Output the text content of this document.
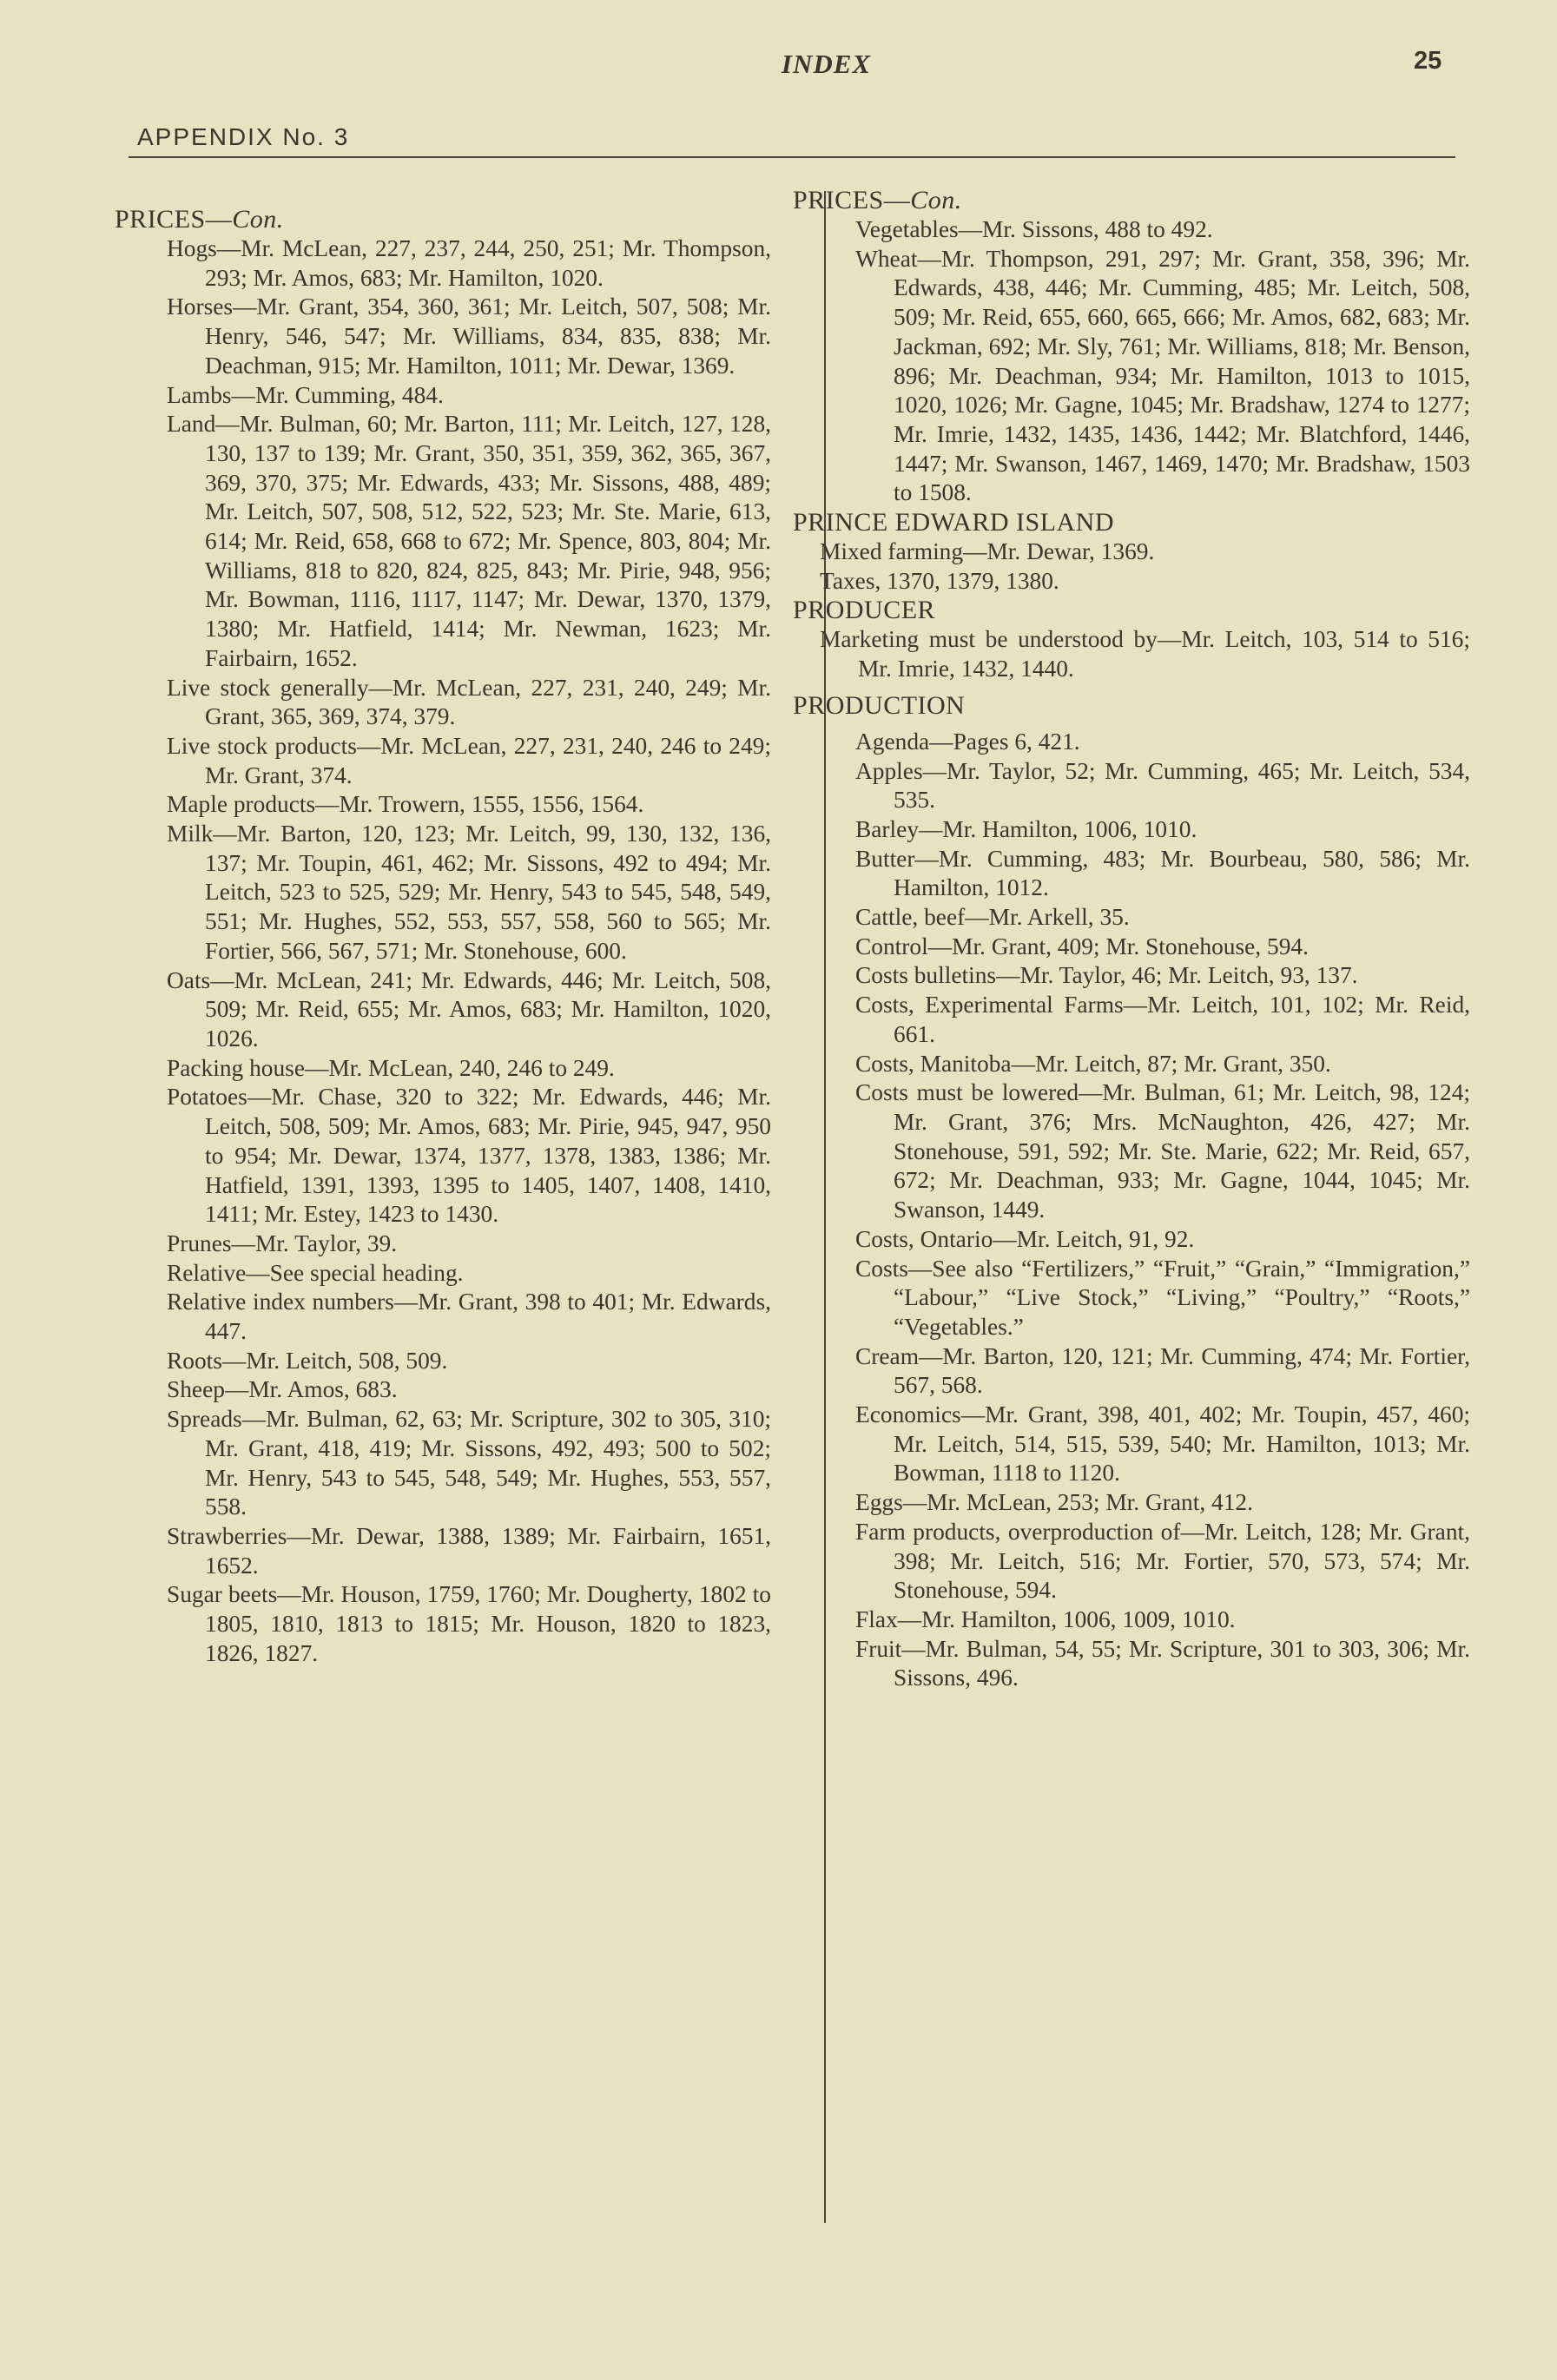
INDEX	25
APPENDIX No. 3
PRICES—Con.
Hogs—Mr. McLean, 227, 237, 244, 250, 251; Mr. Thompson, 293; Mr. Amos, 683; Mr. Hamilton, 1020.
Horses—Mr. Grant, 354, 360, 361; Mr. Leitch, 507, 508; Mr. Henry, 546, 547; Mr. Williams, 834, 835, 838; Mr. Deachman, 915; Mr. Hamilton, 1011; Mr. Dewar, 1369.
Lambs—Mr. Cumming, 484.
Land—Mr. Bulman, 60; Mr. Barton, 111; Mr. Leitch, 127, 128, 130, 137 to 139; Mr. Grant, 350, 351, 359, 362, 365, 367, 369, 370, 375; Mr. Edwards, 433; Mr. Sissons, 488, 489; Mr. Leitch, 507, 508, 512, 522, 523; Mr. Ste. Marie, 613, 614; Mr. Reid, 658, 668 to 672; Mr. Spence, 803, 804; Mr. Williams, 818 to 820, 824, 825, 843; Mr. Pirie, 948, 956; Mr. Bowman, 1116, 1117, 1147; Mr. Dewar, 1370, 1379, 1380; Mr. Hatfield, 1414; Mr. Newman, 1623; Mr. Fairbairn, 1652.
Live stock generally—Mr. McLean, 227, 231, 240, 249; Mr. Grant, 365, 369, 374, 379.
Live stock products—Mr. McLean, 227, 231, 240, 246 to 249; Mr. Grant, 374.
Maple products—Mr. Trowern, 1555, 1556, 1564.
Milk—Mr. Barton, 120, 123; Mr. Leitch, 99, 130, 132, 136, 137; Mr. Toupin, 461, 462; Mr. Sissons, 492 to 494; Mr. Leitch, 523 to 525, 529; Mr. Henry, 543 to 545, 548, 549, 551; Mr. Hughes, 552, 553, 557, 558, 560 to 565; Mr. Fortier, 566, 567, 571; Mr. Stonehouse, 600.
Oats—Mr. McLean, 241; Mr. Edwards, 446; Mr. Leitch, 508, 509; Mr. Reid, 655; Mr. Amos, 683; Mr. Hamilton, 1020, 1026.
Packing house—Mr. McLean, 240, 246 to 249.
Potatoes—Mr. Chase, 320 to 322; Mr. Edwards, 446; Mr. Leitch, 508, 509; Mr. Amos, 683; Mr. Pirie, 945, 947, 950 to 954; Mr. Dewar, 1374, 1377, 1378, 1383, 1386; Mr. Hatfield, 1391, 1393, 1395 to 1405, 1407, 1408, 1410, 1411; Mr. Estey, 1423 to 1430.
Prunes—Mr. Taylor, 39.
Relative—See special heading.
Relative index numbers—Mr. Grant, 398 to 401; Mr. Edwards, 447.
Roots—Mr. Leitch, 508, 509.
Sheep—Mr. Amos, 683.
Spreads—Mr. Bulman, 62, 63; Mr. Scripture, 302 to 305, 310; Mr. Grant, 418, 419; Mr. Sissons, 492, 493; 500 to 502; Mr. Henry, 543 to 545, 548, 549; Mr. Hughes, 553, 557, 558.
Strawberries—Mr. Dewar, 1388, 1389; Mr. Fairbairn, 1651, 1652.
Sugar beets—Mr. Houson, 1759, 1760; Mr. Dougherty, 1802 to 1805, 1810, 1813 to 1815; Mr. Houson, 1820 to 1823, 1826, 1827.
PRICES—Con.
Vegetables—Mr. Sissons, 488 to 492.
Wheat—Mr. Thompson, 291, 297; Mr. Grant, 358, 396; Mr. Edwards, 438, 446; Mr. Cumming, 485; Mr. Leitch, 508, 509; Mr. Reid, 655, 660, 665, 666; Mr. Amos, 682, 683; Mr. Jackman, 692; Mr. Sly, 761; Mr. Williams, 818; Mr. Benson, 896; Mr. Deachman, 934; Mr. Hamilton, 1013 to 1015, 1020, 1026; Mr. Gagne, 1045; Mr. Bradshaw, 1274 to 1277; Mr. Imrie, 1432, 1435, 1436, 1442; Mr. Blatchford, 1446, 1447; Mr. Swanson, 1467, 1469, 1470; Mr. Bradshaw, 1503 to 1508.
PRINCE EDWARD ISLAND
Mixed farming—Mr. Dewar, 1369.
Taxes, 1370, 1379, 1380.
PRODUCER
Marketing must be understood by—Mr. Leitch, 103, 514 to 516; Mr. Imrie, 1432, 1440.
PRODUCTION
Agenda—Pages 6, 421.
Apples—Mr. Taylor, 52; Mr. Cumming, 465; Mr. Leitch, 534, 535.
Barley—Mr. Hamilton, 1006, 1010.
Butter—Mr. Cumming, 483; Mr. Bourbeau, 580, 586; Mr. Hamilton, 1012.
Cattle, beef—Mr. Arkell, 35.
Control—Mr. Grant, 409; Mr. Stonehouse, 594.
Costs bulletins—Mr. Taylor, 46; Mr. Leitch, 93, 137.
Costs, Experimental Farms—Mr. Leitch, 101, 102; Mr. Reid, 661.
Costs, Manitoba—Mr. Leitch, 87; Mr. Grant, 350.
Costs must be lowered—Mr. Bulman, 61; Mr. Leitch, 98, 124; Mr. Grant, 376; Mrs. McNaughton, 426, 427; Mr. Stonehouse, 591, 592; Mr. Ste. Marie, 622; Mr. Reid, 657, 672; Mr. Deachman, 933; Mr. Gagne, 1044, 1045; Mr. Swanson, 1449.
Costs, Ontario—Mr. Leitch, 91, 92.
Costs—See also “Fertilizers,” “Fruit,” “Grain,” “Immigration,” “Labour,” “Live Stock,” “Living,” “Poultry,” “Roots,” “Vegetables.”
Cream—Mr. Barton, 120, 121; Mr. Cumming, 474; Mr. Fortier, 567, 568.
Economics—Mr. Grant, 398, 401, 402; Mr. Toupin, 457, 460; Mr. Leitch, 514, 515, 539, 540; Mr. Hamilton, 1013; Mr. Bowman, 1118 to 1120.
Eggs—Mr. McLean, 253; Mr. Grant, 412.
Farm products, overproduction of—Mr. Leitch, 128; Mr. Grant, 398; Mr. Leitch, 516; Mr. Fortier, 570, 573, 574; Mr. Stonehouse, 594.
Flax—Mr. Hamilton, 1006, 1009, 1010.
Fruit—Mr. Bulman, 54, 55; Mr. Scripture, 301 to 303, 306; Mr. Sissons, 496.
